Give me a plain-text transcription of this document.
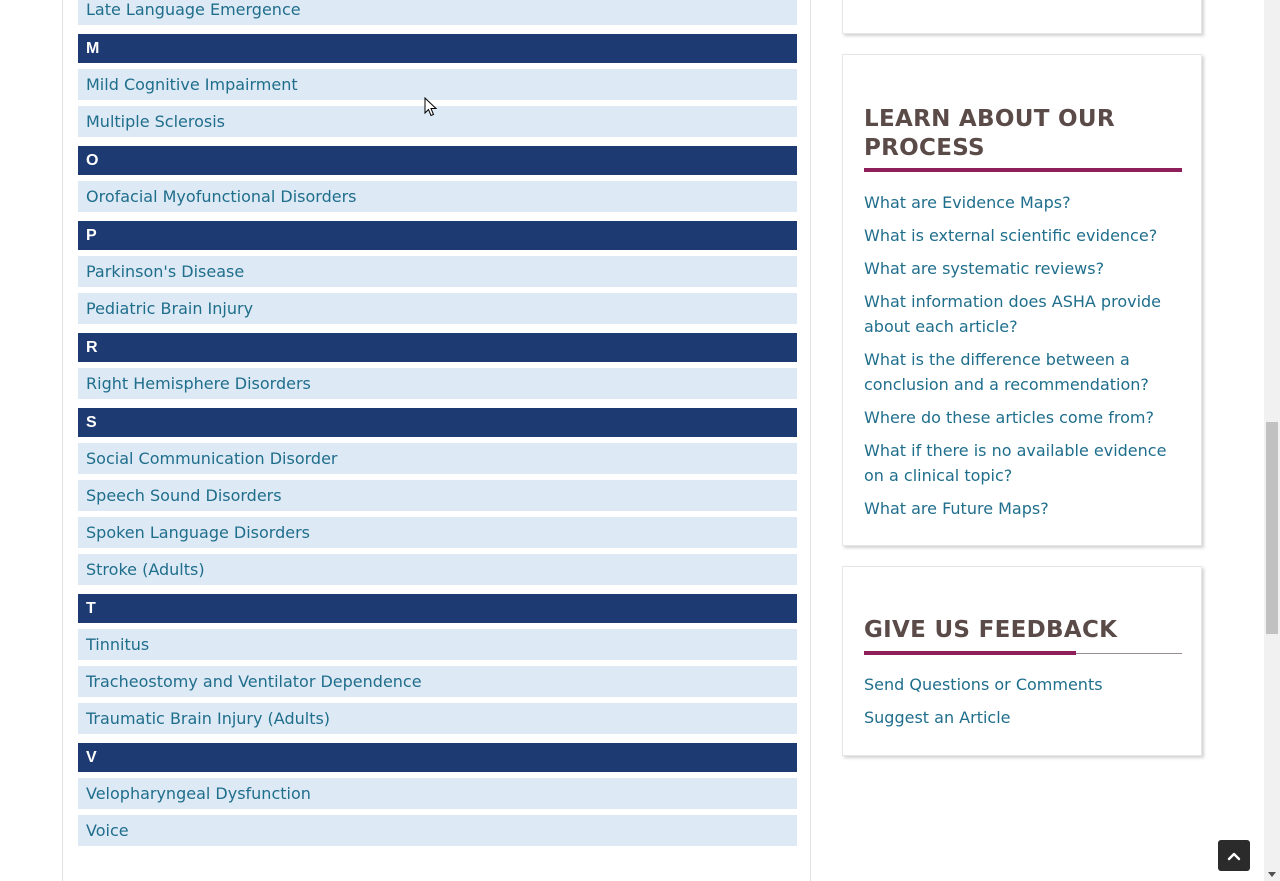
Late Language Emergence
M
Mild Cognitive Impairment
Multiple Sclerosis
O
Orofacial Myofunctional Disorders
P
Parkinson's Disease
Pediatric Brain Injury
R
Right Hemisphere Disorders
S
Social Communication Disorder
Speech Sound Disorders
Spoken Language Disorders
Stroke (Adults)
T
Tinnitus
Tracheostomy and Ventilator Dependence
Traumatic Brain Injury (Adults)
V
Velopharyngeal Dysfunction
Voice
LEARN ABOUT OUR PROCESS
What are Evidence Maps?
What is external scientific evidence?
What are systematic reviews?
What information does ASHA provide about each article?
What is the difference between a conclusion and a recommendation?
Where do these articles come from?
What if there is no available evidence on a clinical topic?
What are Future Maps?
GIVE US FEEDBACK
Send Questions or Comments
Suggest an Article
